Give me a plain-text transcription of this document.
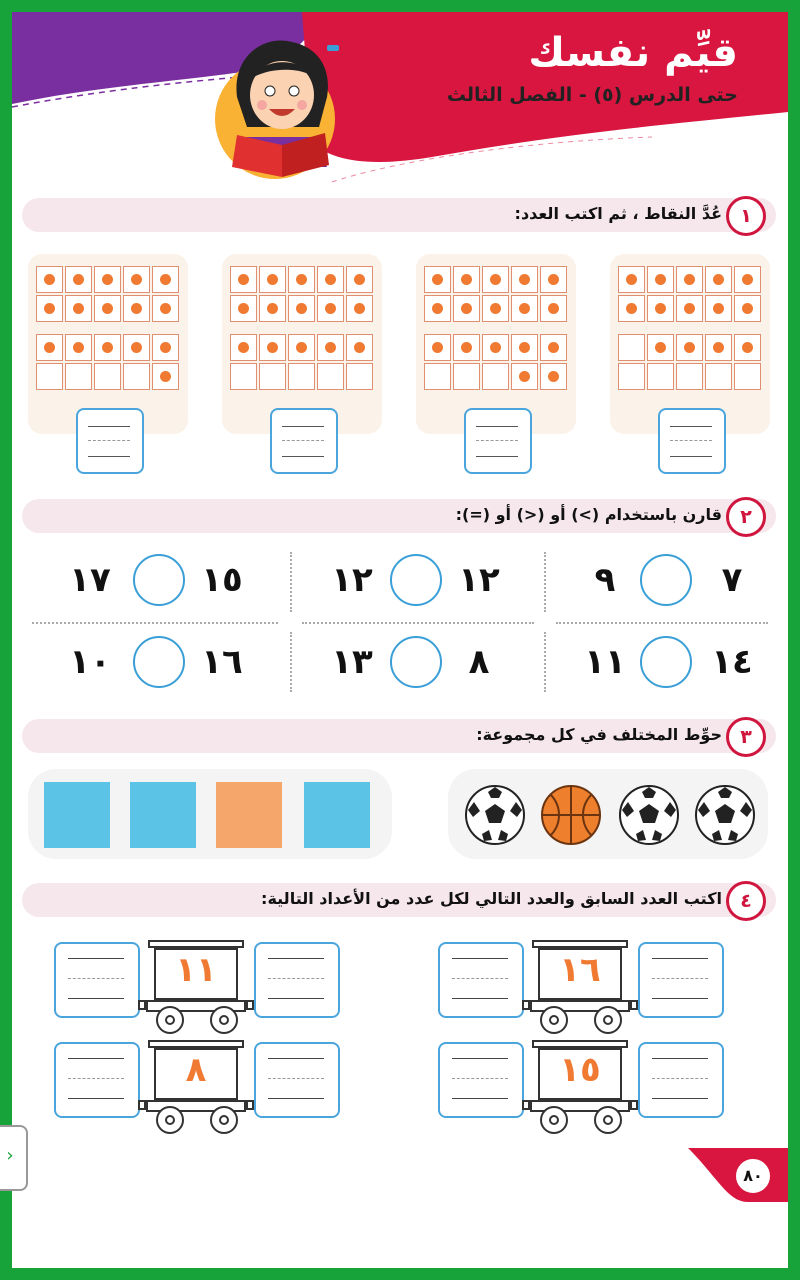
قيِّم نفسك
حتى الدرس (٥) - الفصل الثالث
١
عُدَّ النقاط ، ثم اكتب العدد:
٢
قارن باستخدام (>) أو (<) أو (=):
١٧	١٥	١٢	١٢	٩	٧
١٠	١٦	١٣	٨	١١	١٤
٣
حوِّط المختلف في كل مجموعة:
٤
اكتب العدد السابق والعدد التالي لكل عدد من الأعداد التالية:
٨٠
›
١١	١٦
٨	١٥
